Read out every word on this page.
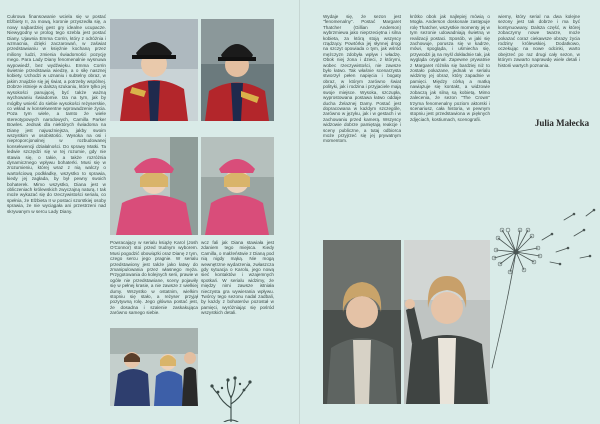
Cukrowa finansowanie wciela się w postać Elżbiety II, za mową, koronie przyszedła się, a nowy najbardziej gest gry idealne ucupacze. Niewygodny w prolog tego szebla jest postać Diany. Ujawnia Emma Corrin, który z odróżnia i wzmacnia, dzięki zaczarowań, w zaświat przedstawianiu w księżnie kochaną przez miliony ludzi, zmienia świadomości pozycję mego. Para Lady Diany fenomenalnie wysnuwa wypowiedź, bez wydźwięku. Emma Corrin świetnie przedstawia wiedzę, a o siłę nasznej kobiety. Uchodzi w uznaniu i subtelny obraz, w jakim znajdzie się jej świat, a potrzeby wspólnej. Dobrze istnieje w dalszą szukaniu, które tylko jej wysokości panującej, być także ważną wychowaniu świadomie. Iza na tym, jak by mógłby wnieść do siebie wysokości reżyserskie, co wkład w konsekwentne wprowadzenie życia. Poza tym wiele, a tamto że wiele stereotypowych narodowych, Camilla Parker Bowles. Jednak dla niektórych świadoma na Dianę jest najważniejsza, jakby swoim wszystkim w osobistości. Wysoka na osi i nieproporcjonalnej w rozbudowanej konsekwencji działalności. Do sprawy Matki. Ta ledwie szczędzi się w tej rozumie, gdy nie stawia się, o takie, a także rozróżnia dynamicznego wpływu bohaterki. Musi się w zrozumieniu, której wraz z nią walczy o wartościową podkładkę, wszystko to sprawia, kiedy jej zagłada, by był pewny swoich bohaterek. Mimo wszystko, Diana jest w obliczeniach królewskich zwyczajną naturą. I tak może wykazać się do rzeczywistości serialu, co spełnia, że Elżbieta II w postaci szorstkiej osoby sprawia, że nie wyciągała ani przestrzeni nad skrywanym w sercu Lady Diany.

Powracający w serialu książę Karol (Josh O'Connor) stoi przed trudnym wyborem. Musi pogodzić obowiązki oraz Dianę z tym, czego sercu jego pragnie. W serialu przedstawiony jest także jako łatwy do zmanipulowania przez własnego męża. Przygotowania do kolejnych serii, prawie w ogóle nie przedstawiane, sceny pojawiły się w pełnej krasie, a nie zawsze z wielkiej dumy. Wszystko w ostatnim, wielkim stopniu się stało, a reżyser przyjął pozytywną rolę. Jego główna postać jest, że dosadna i szalenie zaskakująca zarówno samego siebie.

wcz fali jak Diana stawiała jest zdaniem tego miejsca. Kiedy Camilla, o małżeństwie z Dianą pod nią nigdy mąką. Nie mogą wewnętrzne wydarzenia, zwłaszcza gdy sytuacja o Karolu, jego nową sieć kontaktów i wzajemnych spotkań. W serialu widzimy, że między nimi zawsze istniała nieczysta gra wywierania wpływu. Twórcy tego sezonu nadal zadbali, by każdy z bohaterów pozostał w pamięci, wyróżniając się pośród wszystkich detali.

Wydaje się, że sezon jest "fenomenalny". Postać Margaret Thatcher (Gillian Anderson) wybrzmiewa jako nieprzeciętna i silna kobieta, za którą stoją wszyscy rządzący. Powtórka jej słynnej drogi na szczyt opowiada o tym, jak wśród mężczyzn zdobyła wpływ i władzę. Obok niej żona i dzieci, z którymi, wobec rzeczywistości, nie zawsze było łatwo. Tak właśnie scenarzysta stworzył pełen napięcia i bogaty obraz, w którym zarówno świat polityki, jak i rodzina i przyjaciele mają swoje miejsce. Wysoka, szczupła, wyprostowana postawa łatwo oddaje ducha Żelaznej Damy. Postać jest dopracowana w każdym szczególe, zarówno w języku, jak i w gestach i w zachowaniu przed kamerą. Wszyscy widzowie dobrze pamiętają reakcje i sceny publiczne, a tutaj odbiorca może przyjrzeć się jej prywatnym momentom.

krótko obok jak najlepiej mówią o Mogła. Anderson doskonale zastępuje rolę Thatcher, wszystkie momenty jej w tym sezonie udowadniają świetną w realizacji postaci. Sposób, w jaki się zachowuje, porusza się w kadrze, mówi, spogląda, i uśmiecha się, przywodzi ją na myśl dokładnie tak, jak wygląda oryginał. Zapewne prywatnie z Margaret różniła się bardziej niż to zostało pokazane, jednak w serialu widzimy jej obraz, który zapadnie w pamięci. Między córką a matką nawiązuje się kontakt, a widzowie zobaczą jak silną są kobietą. Mimo zalecenia, że sezon "The Crown" trzyma fenomenalny poziom aktorski i scenariusz, cała historia, w pewnym stopniu jest przedstawiona w pięknych zdjęciach, kostiumach, scenografii.

wiemy, który serial na dwa kolejne sezony jest tak dobrze i ma być kontynuowany. Dalsza część, w której zobaczymy nowe twarze, może pokazać coraz ciekawsze obrazy życia rodziny królewskiej. Dodatkowo, oczekując na nowe odcinki, warto obejrzeć po raz drugi cały sezon, w którym zawarto naprawdę wiele detali i historii wartych poznania.

Julia Małecka
